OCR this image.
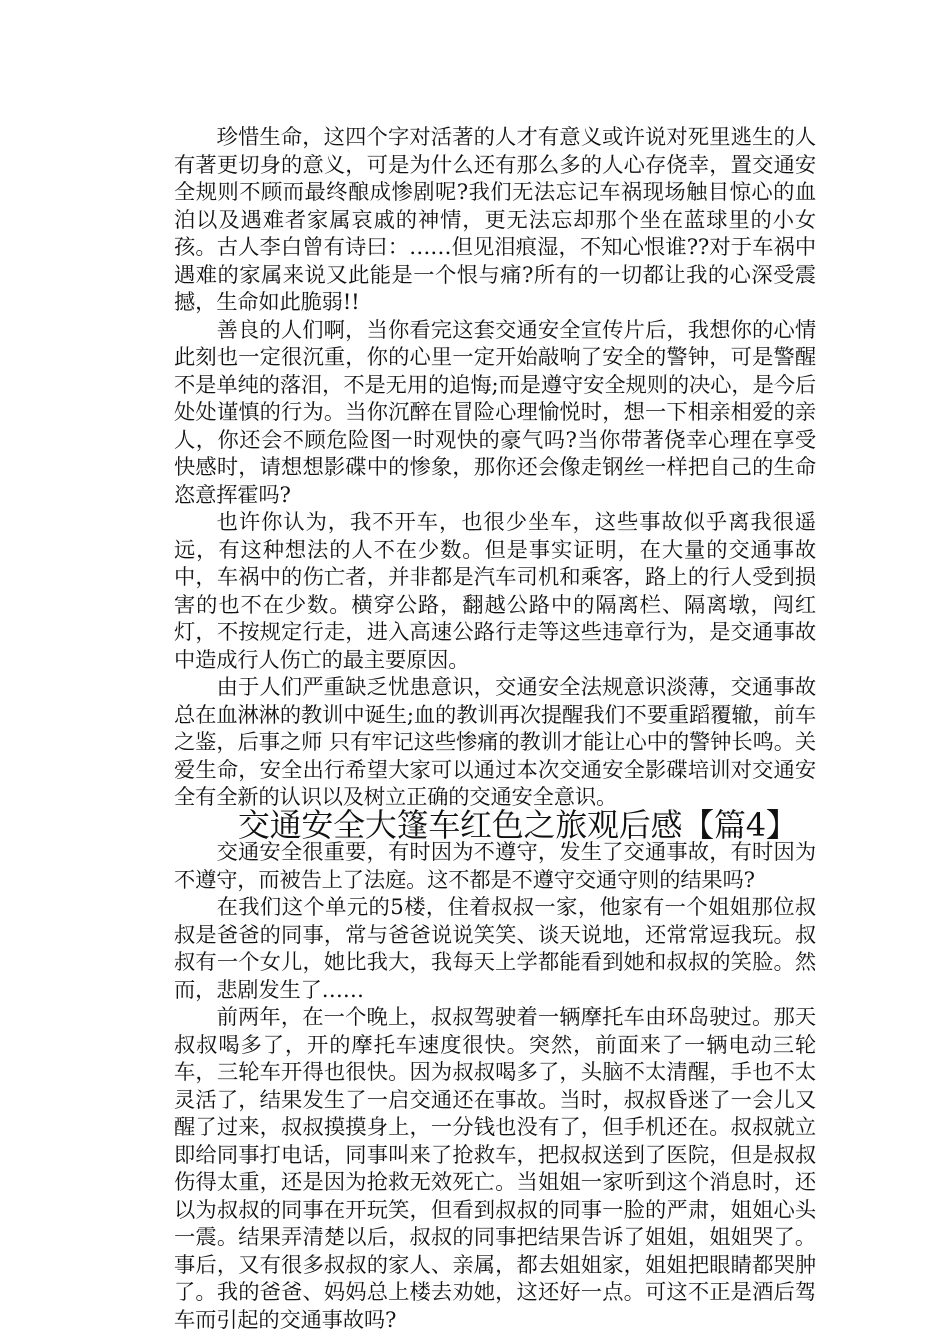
珍惜生命，这四个字对活著的人才有意义或许说对死里逃生的人有著更切身的意义，可是为什么还有那么多的人心存侥幸，置交通安全规则不顾而最终酿成惨剧呢?我们无法忘记车祸现场触目惊心的血泊以及遇难者家属哀戚的神情，更无法忘却那个坐在蓝球里的小女孩。古人李白曾有诗曰：……但见泪痕湿，不知心恨谁??对于车祸中遇难的家属来说又此能是一个恨与痛?所有的一切都让我的心深受震撼，生命如此脆弱!!

善良的人们啊，当你看完这套交通安全宣传片后，我想你的心情此刻也一定很沉重，你的心里一定开始敲响了安全的警钟，可是警醒不是单纯的落泪，不是无用的追悔;而是遵守安全规则的决心，是今后处处谨慎的行为。当你沉醉在冒险心理愉悦时，想一下相亲相爱的亲人，你还会不顾危险图一时观快的豪气吗?当你带著侥幸心理在享受快感时，请想想影碟中的惨象，那你还会像走钢丝一样把自己的生命恣意挥霍吗?

也许你认为，我不开车，也很少坐车，这些事故似乎离我很遥远，有这种想法的人不在少数。但是事实证明，在大量的交通事故中，车祸中的伤亡者，并非都是汽车司机和乘客，路上的行人受到损害的也不在少数。横穿公路，翻越公路中的隔离栏、隔离墩，闯红灯，不按规定行走，进入高速公路行走等这些违章行为，是交通事故中造成行人伤亡的最主要原因。

由于人们严重缺乏忧患意识，交通安全法规意识淡薄，交通事故总在血淋淋的教训中诞生;血的教训再次提醒我们不要重蹈覆辙，前车之鉴，后事之师 只有牢记这些惨痛的教训才能让心中的警钟长鸣。关爱生命，安全出行希望大家可以通过本次交通安全影碟培训对交通安全有全新的认识以及树立正确的交通安全意识。

交通安全大篷车红色之旅观后感【篇4】

交通安全很重要，有时因为不遵守，发生了交通事故，有时因为不遵守，而被告上了法庭。这不都是不遵守交通守则的结果吗?

在我们这个单元的5楼，住着叔叔一家，他家有一个姐姐那位叔叔是爸爸的同事，常与爸爸说说笑笑、谈天说地，还常常逗我玩。叔叔有一个女儿，她比我大，我每天上学都能看到她和叔叔的笑脸。然而，悲剧发生了……

前两年，在一个晚上，叔叔驾驶着一辆摩托车由环岛驶过。那天叔叔喝多了，开的摩托车速度很快。突然，前面来了一辆电动三轮车，三轮车开得也很快。因为叔叔喝多了，头脑不太清醒，手也不太灵活了，结果发生了一启交通还在事故。当时，叔叔昏迷了一会儿又醒了过来，叔叔摸摸身上，一分钱也没有了，但手机还在。叔叔就立即给同事打电话，同事叫来了抢救车，把叔叔送到了医院，但是叔叔伤得太重，还是因为抢救无效死亡。当姐姐一家听到这个消息时，还以为叔叔的同事在开玩笑，但看到叔叔的同事一脸的严肃，姐姐心头一震。结果弄清楚以后，叔叔的同事把结果告诉了姐姐，姐姐哭了。事后，又有很多叔叔的家人、亲属，都去姐姐家，姐姐把眼睛都哭肿了。我的爸爸、妈妈总上楼去劝她，这还好一点。可这不正是酒后驾车而引起的交通事故吗?
